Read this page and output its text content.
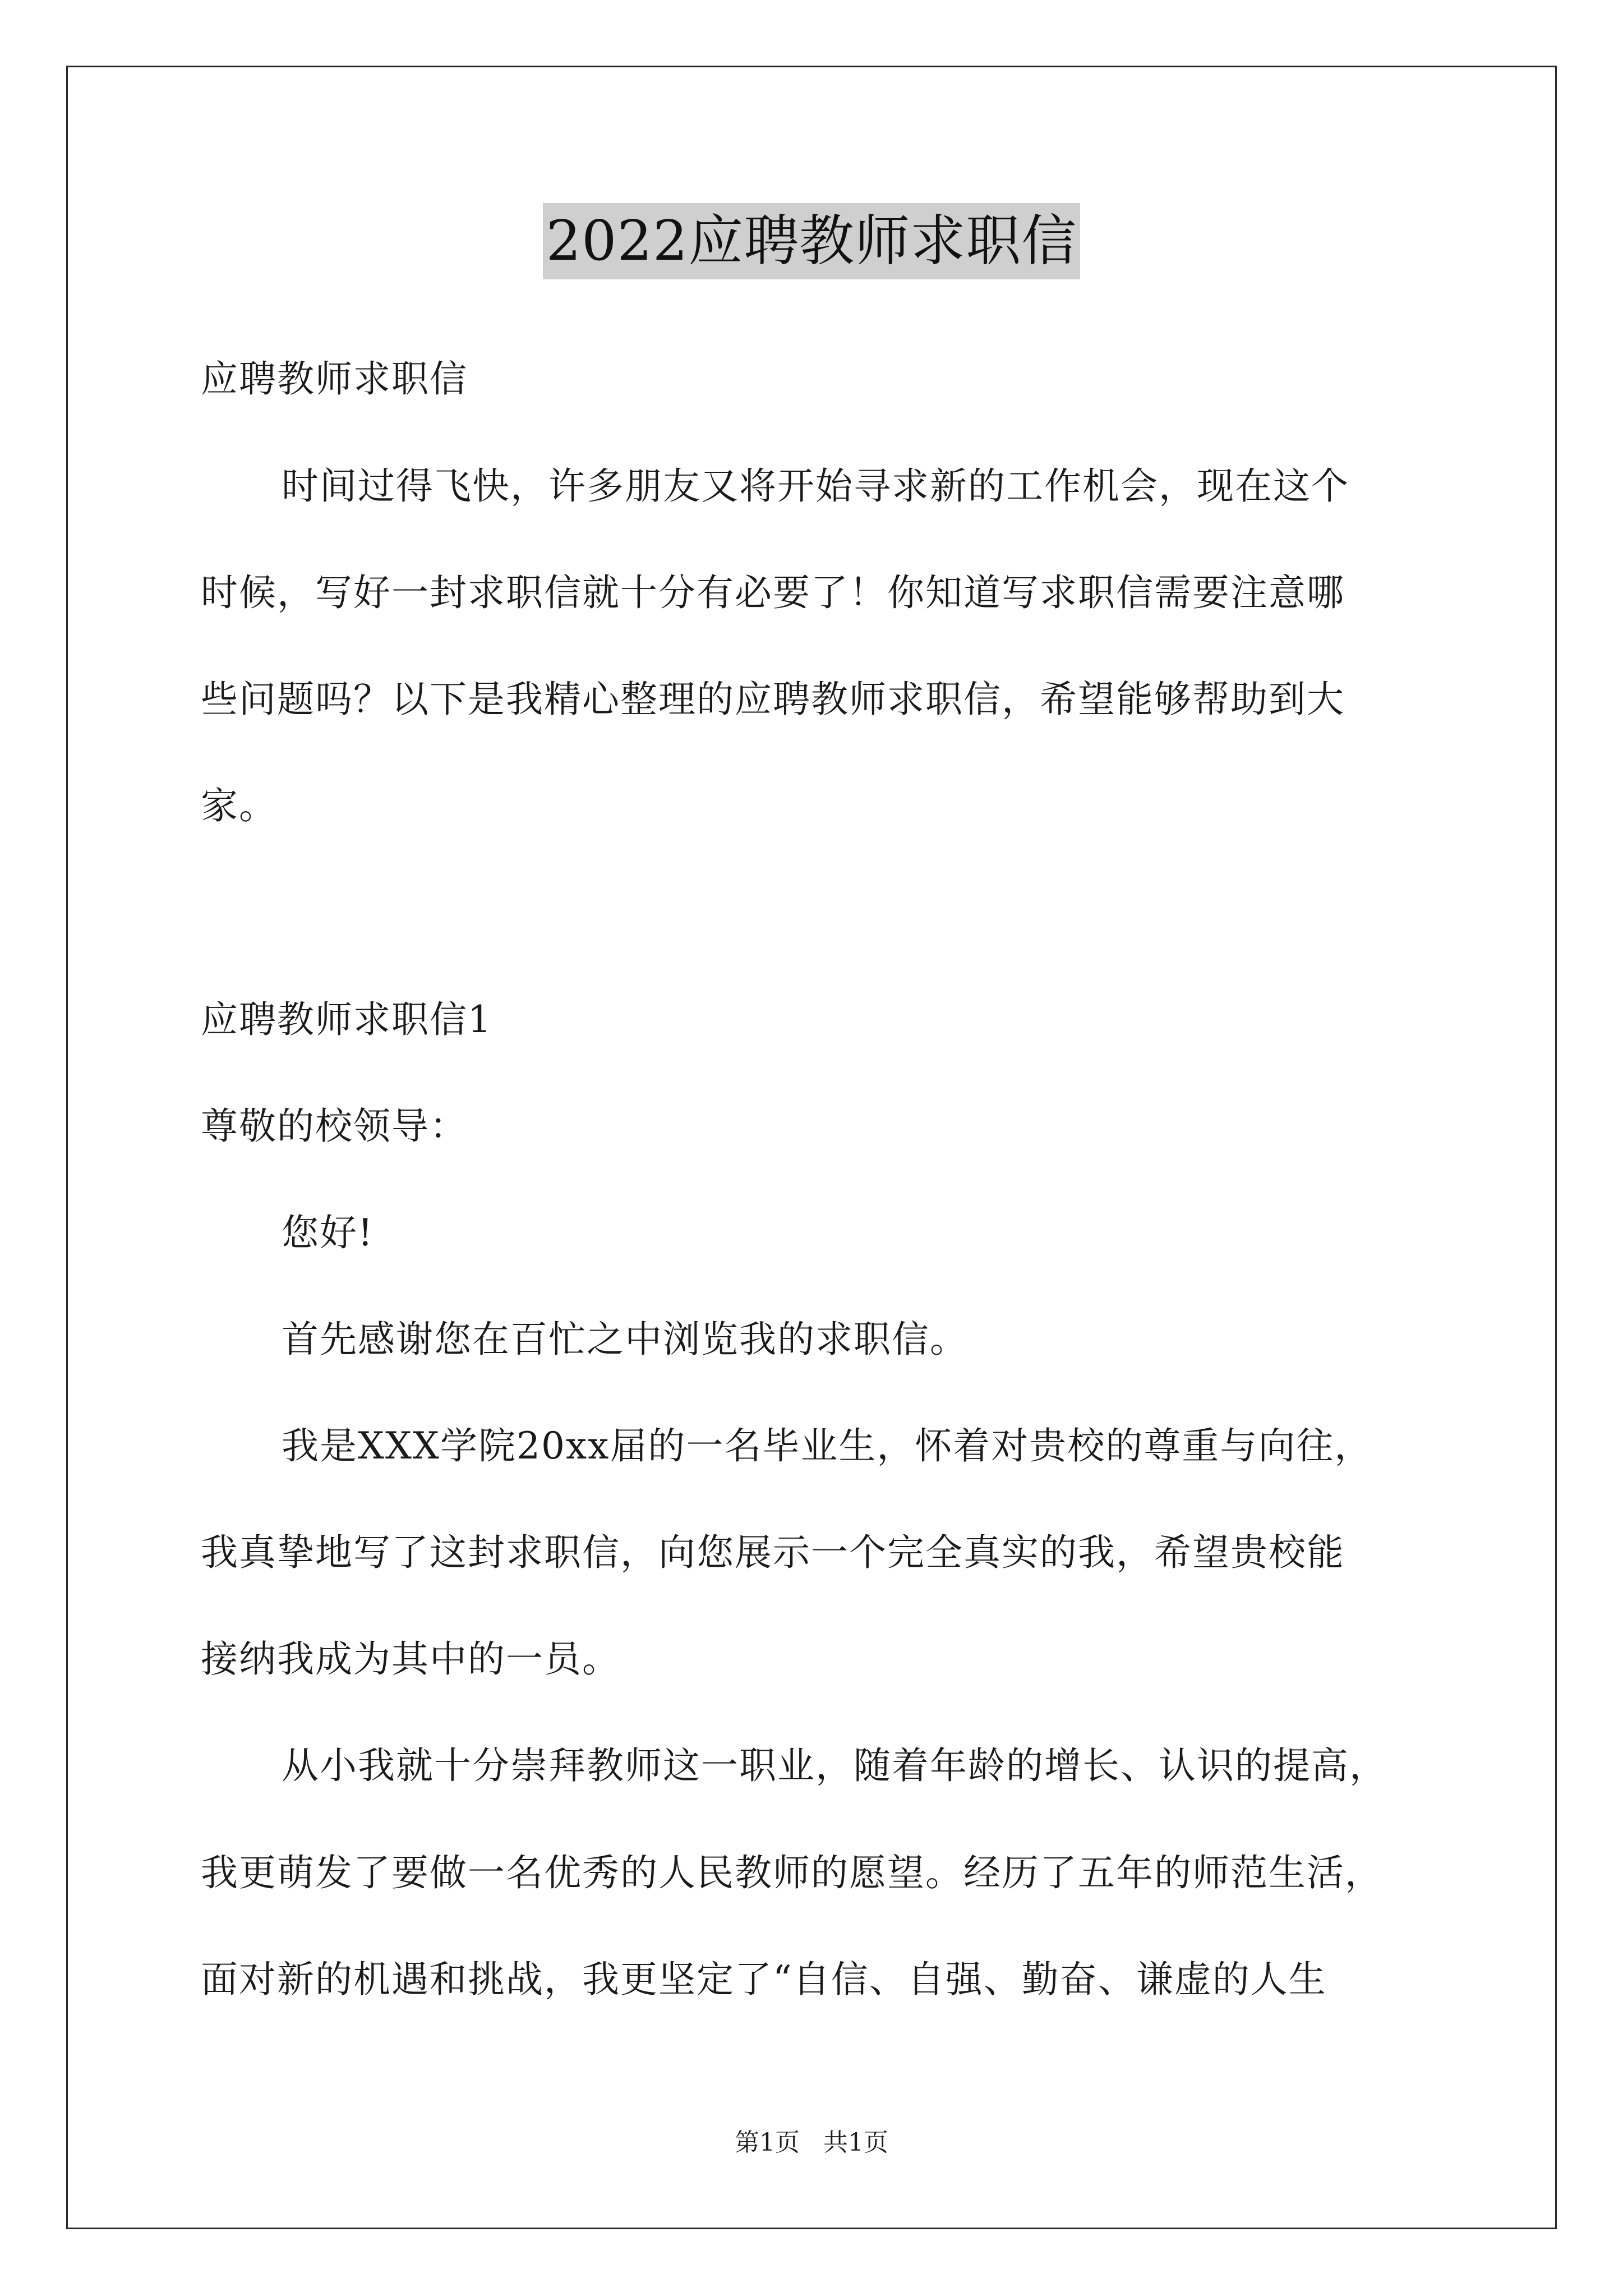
2022应聘教师求职信
应聘教师求职信
时间过得飞快，许多朋友又将开始寻求新的工作机会，现在这个
时候，写好一封求职信就十分有必要了！你知道写求职信需要注意哪
些问题吗？以下是我精心整理的应聘教师求职信，希望能够帮助到大
家。
应聘教师求职信1
尊敬的校领导：
您好!
首先感谢您在百忙之中浏览我的求职信。
我是XXX学院20xx届的一名毕业生，怀着对贵校的尊重与向往，
我真挚地写了这封求职信，向您展示一个完全真实的我，希望贵校能
接纳我成为其中的一员。
从小我就十分崇拜教师这一职业，随着年龄的增长、认识的提高，
我更萌发了要做一名优秀的人民教师的愿望。经历了五年的师范生活，
面对新的机遇和挑战，我更坚定了“自信、自强、勤奋、谦虚的人生
第1页 共1页
